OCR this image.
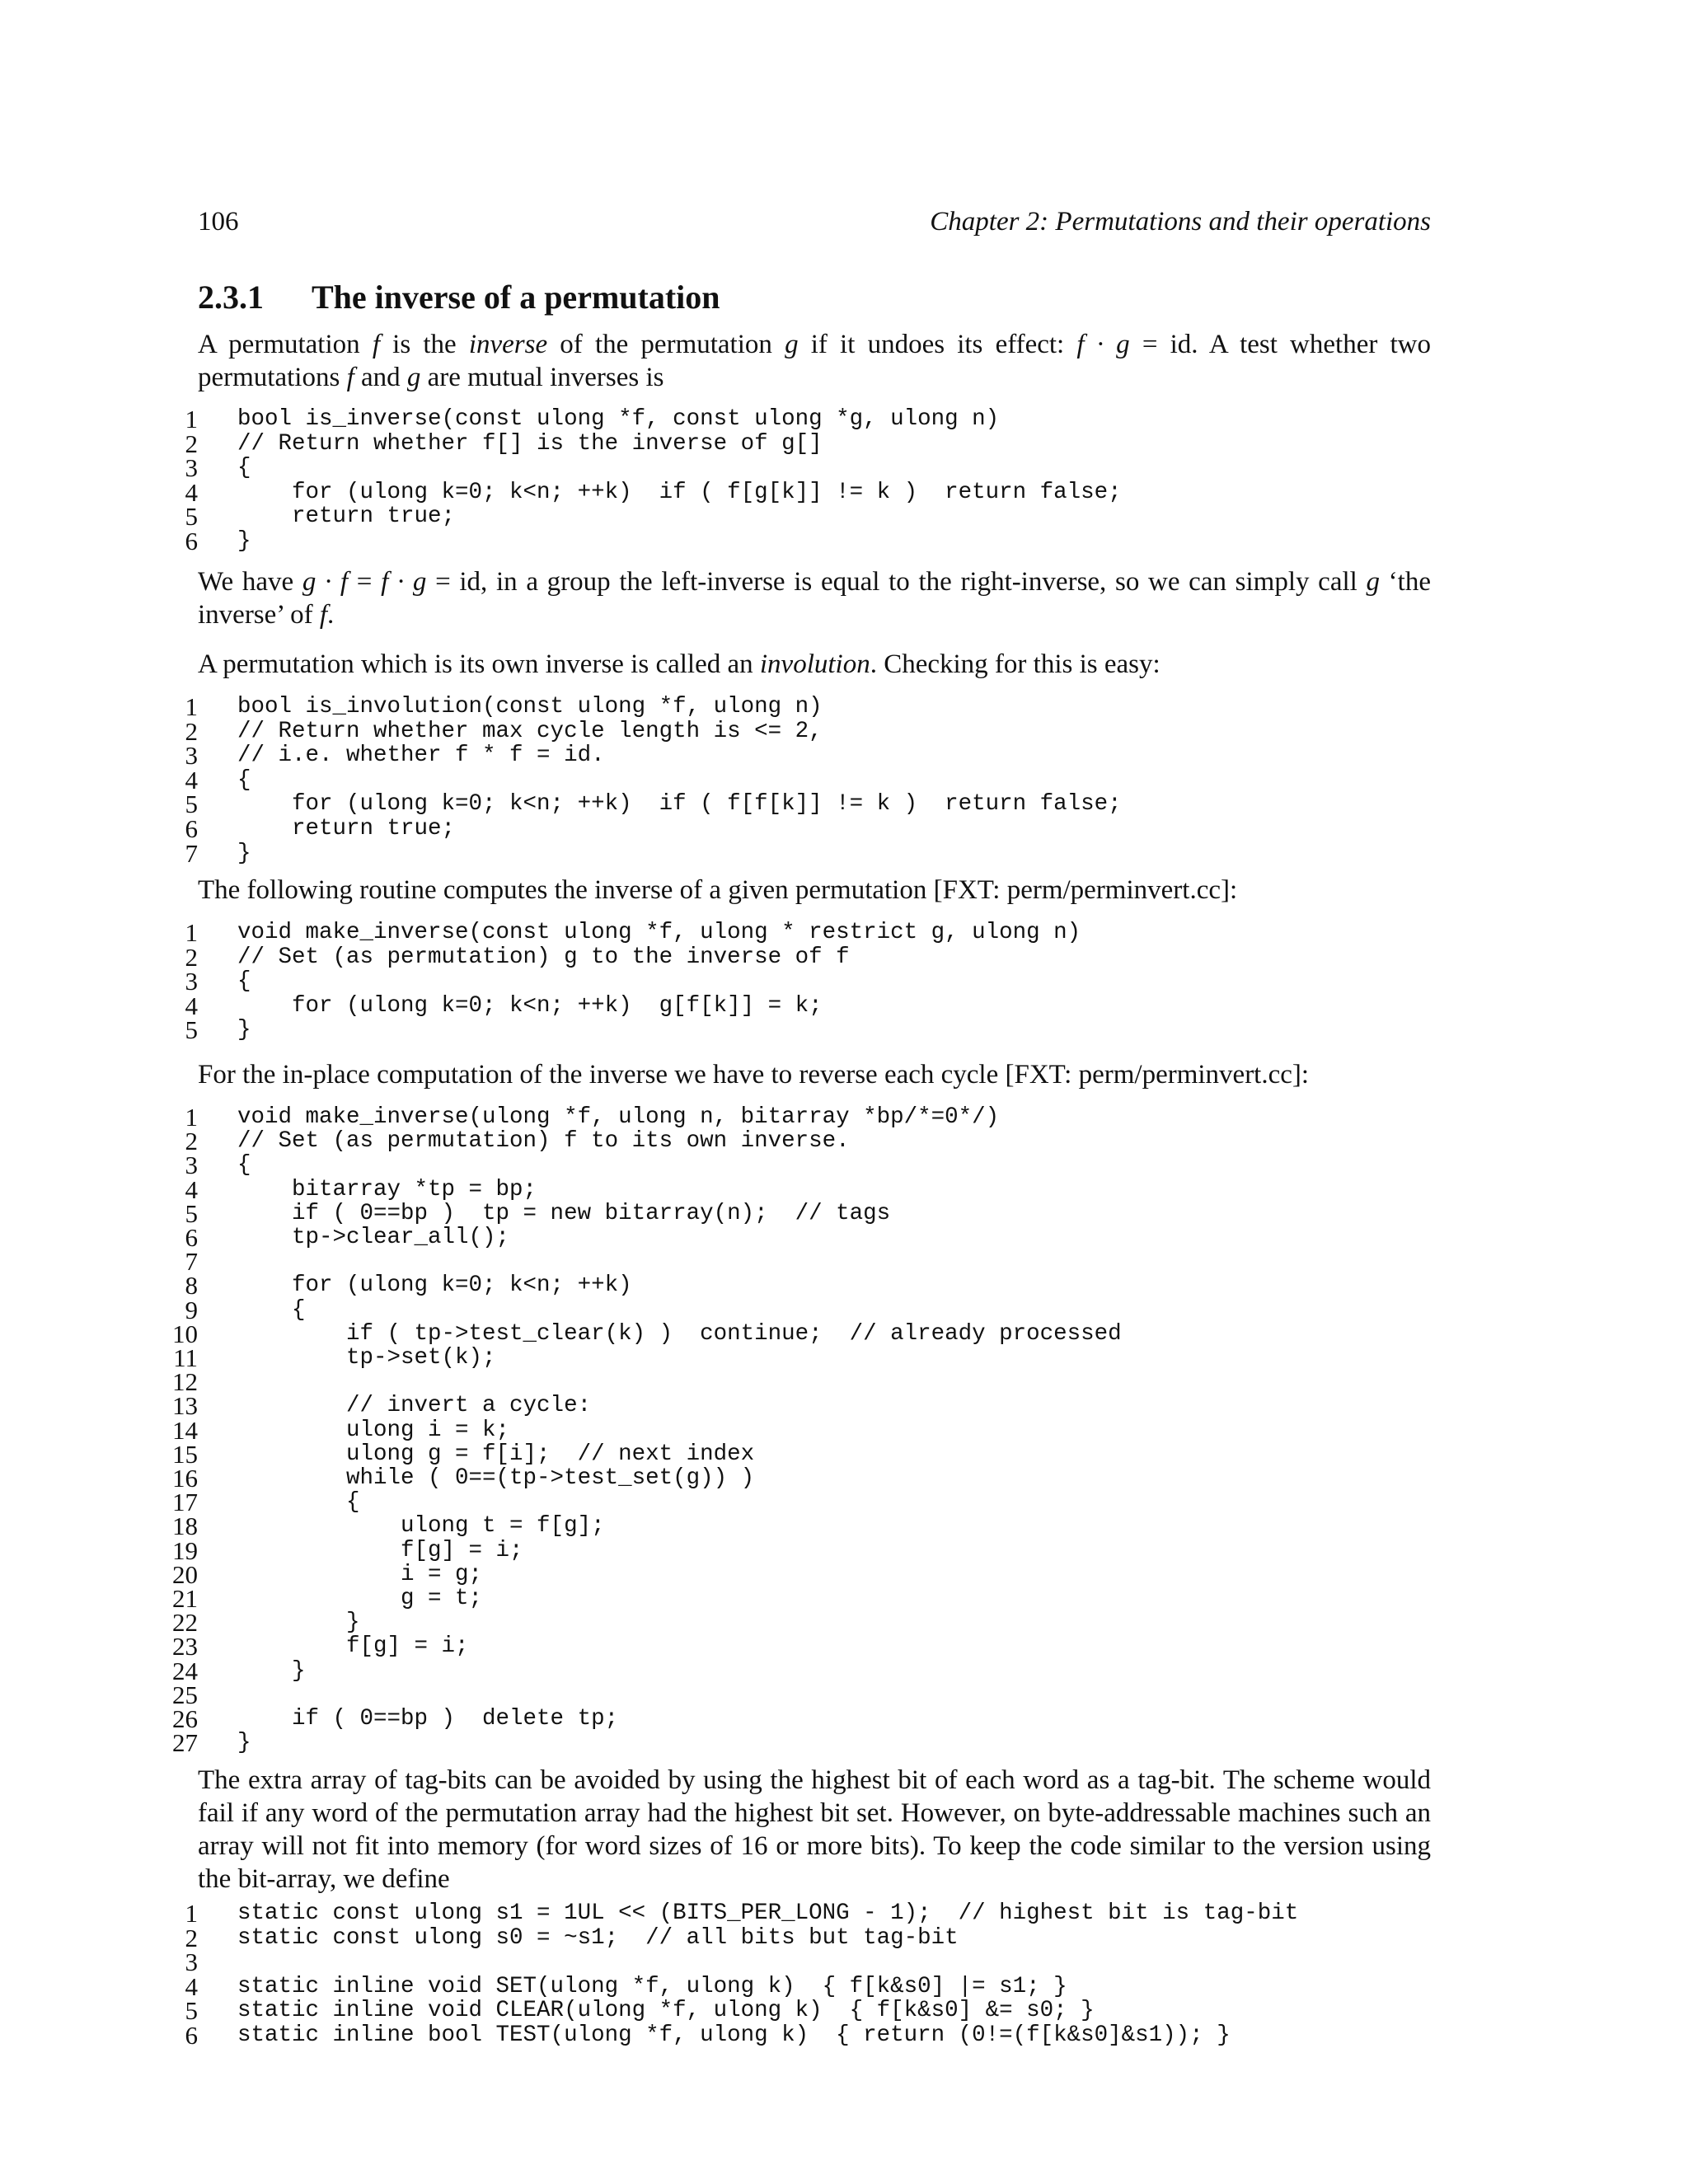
106	Chapter 2: Permutations and their operations
2.3.1 The inverse of a permutation
A permutation f is the inverse of the permutation g if it undoes its effect: f · g = id. A test whether two permutations f and g are mutual inverses is
1	bool is_inverse(const ulong *f, const ulong *g, ulong n)
2	// Return whether f[] is the inverse of g[]
3	{
4	for (ulong k=0; k<n; ++k)  if ( f[g[k]] != k )  return false;
5	return true;
6	}
We have g · f = f · g = id, in a group the left-inverse is equal to the right-inverse, so we can simply call g ‘the inverse’ of f.
A permutation which is its own inverse is called an involution. Checking for this is easy:
1	bool is_involution(const ulong *f, ulong n)
2	// Return whether max cycle length is <= 2,
3	// i.e. whether f * f = id.
4	{
5	for (ulong k=0; k<n; ++k)  if ( f[f[k]] != k )  return false;
6	return true;
7	}
The following routine computes the inverse of a given permutation [FXT: perm/perminvert.cc]:
1	void make_inverse(const ulong *f, ulong * restrict g, ulong n)
2	// Set (as permutation) g to the inverse of f
3	{
4	for (ulong k=0; k<n; ++k)  g[f[k]] = k;
5	}
For the in-place computation of the inverse we have to reverse each cycle [FXT: perm/perminvert.cc]:
1	void make_inverse(ulong *f, ulong n, bitarray *bp/*=0*/)
2	// Set (as permutation) f to its own inverse.
3	{
4	bitarray *tp = bp;
5	if ( 0==bp )  tp = new bitarray(n);  // tags
6	tp->clear_all();
7
8	for (ulong k=0; k<n; ++k)
9	{
10	if ( tp->test_clear(k) )  continue;  // already processed
11	tp->set(k);
12
13	// invert a cycle:
14	ulong i = k;
15	ulong g = f[i];  // next index
16	while ( 0==(tp->test_set(g)) )
17	{
18	ulong t = f[g];
19	f[g] = i;
20	i = g;
21	g = t;
22	}
23	f[g] = i;
24	}
25
26	if ( 0==bp )  delete tp;
27	}
The extra array of tag-bits can be avoided by using the highest bit of each word as a tag-bit. The scheme would fail if any word of the permutation array had the highest bit set. However, on byte-addressable machines such an array will not fit into memory (for word sizes of 16 or more bits). To keep the code similar to the version using the bit-array, we define
1	static const ulong s1 = 1UL << (BITS_PER_LONG - 1);  // highest bit is tag-bit
2	static const ulong s0 = ~s1;  // all bits but tag-bit
3
4	static inline void SET(ulong *f, ulong k)  { f[k&s0] |= s1; }
5	static inline void CLEAR(ulong *f, ulong k)  { f[k&s0] &= s0; }
6	static inline bool TEST(ulong *f, ulong k)  { return (0!=(f[k&s0]&s1)); }
